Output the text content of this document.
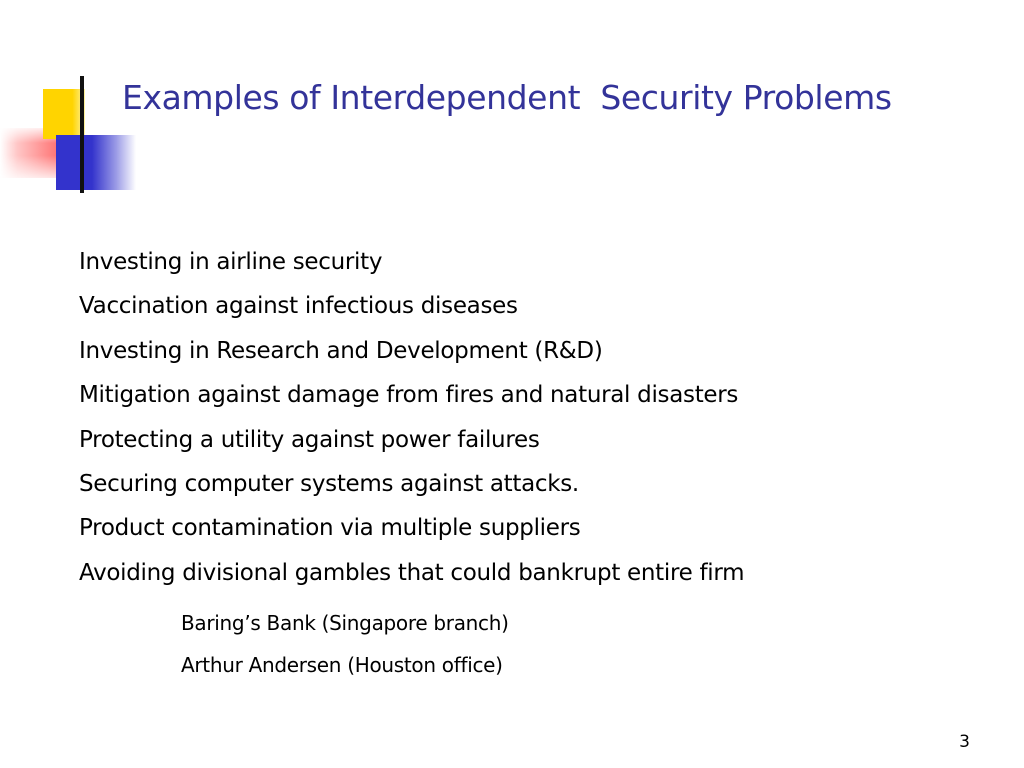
Examples of Interdependent  Security Problems
Investing in airline security
Vaccination against infectious diseases
Investing in Research and Development (R&D)
Mitigation against damage from fires and natural disasters
Protecting a utility against power failures
Securing computer systems against attacks.
Product contamination via multiple suppliers
Avoiding divisional gambles that could bankrupt entire firm
Baring’s Bank (Singapore branch)
Arthur Andersen (Houston office)
3
